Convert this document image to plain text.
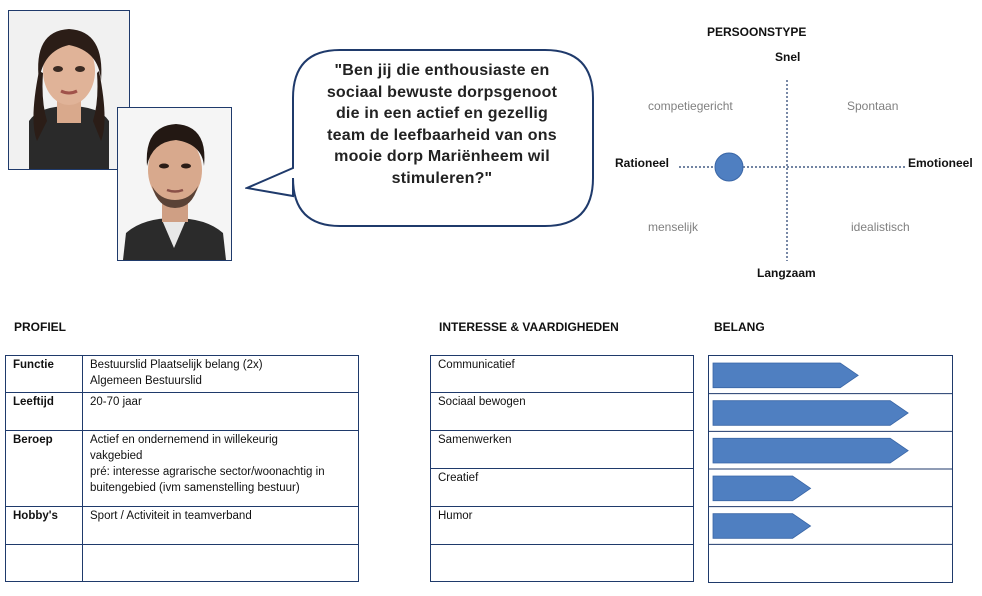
"Ben jij die enthousiaste en
sociaal bewuste dorpsgenoot
die in een actief en gezellig
team de leefbaarheid van ons
mooie dorp Mariënheem wil
stimuleren?"
PERSOONSTYPE
Snel
Langzaam
Rationeel	Emotioneel
competiegericht	Spontaan
menselijk	idealistisch
PROFIEL	INTERESSE & VAARDIGHEDEN	BELANG
Functie	Bestuurslid Plaatselijk belang (2x)
Algemeen Bestuurslid

Leeftijd	20-70 jaar

Beroep	Actief en ondernemend in willekeurig
vakgebied
pré: interesse agrarische sector/woonachtig in
buitengebied (ivm samenstelling bestuur)

Hobby's	Sport / Activiteit in teamverband

Communicatief
Sociaal bewogen
Samenwerken
Creatief
Humor
